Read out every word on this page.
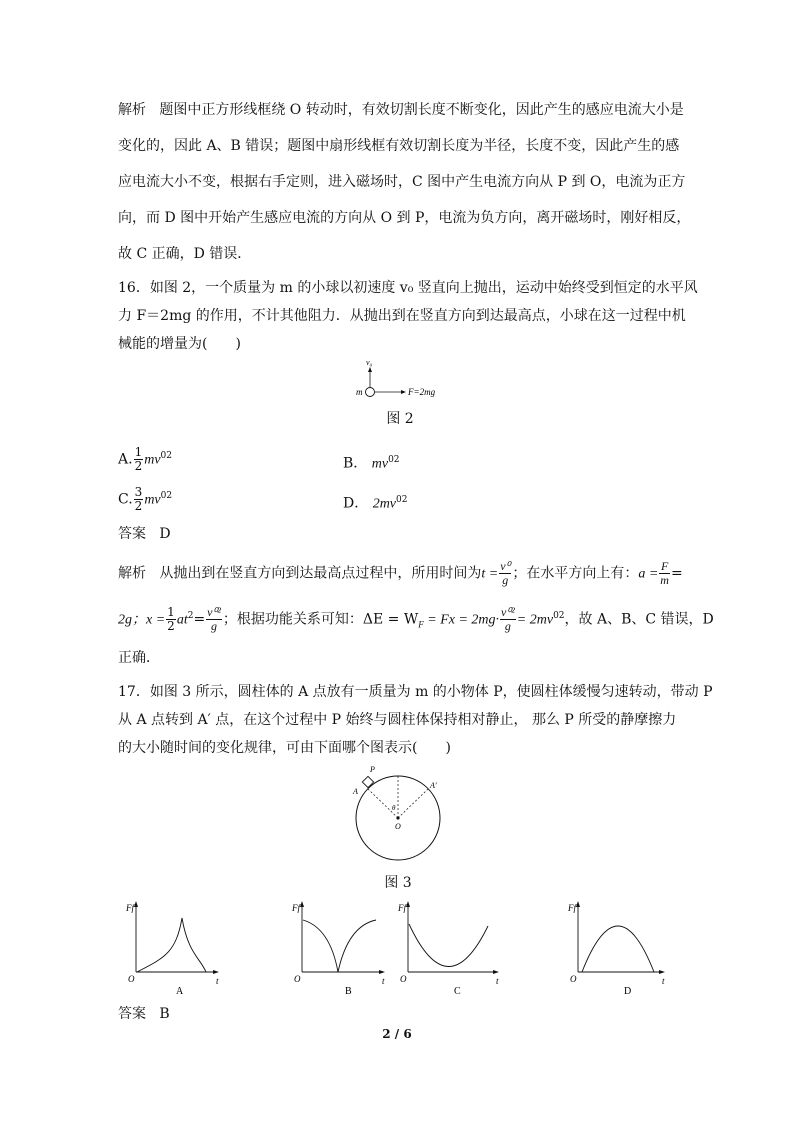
解析 题图中正方形线框绕 O 转动时，有效切割长度不断变化，因此产生的感应电流大小是
变化的，因此 A、B 错误；题图中扇形线框有效切割长度为半径，长度不变，因此产生的感
应电流大小不变，根据右手定则，进入磁场时，C 图中产生电流方向从 P 到 O，电流为正方
向，而 D 图中开始产生感应电流的方向从 O 到 P，电流为负方向，离开磁场时，刚好相反，
故 C 正确，D 错误．
16．如图 2，一个质量为 m 的小球以初速度 v₀ 竖直向上抛出，运动中始终受到恒定的水平风
力 F＝2mg 的作用，不计其他阻力．从抛出到在竖直方向到达最高点，小球在这一过程中机
械能的增量为(　　)
v₀
m	F=2mg
图 2
A. $\frac{1}{2} mv^{02}$	B． $mv^{02}$
C. $\frac{3}{2} mv^{02}$	D． $2mv^{02}$
答案 D
解析 从抛出到在竖直方向到达最高点过程中，所用时间为$t = \frac{\text{v⁰}}{g}$ ；在水平方向上有：$a = \frac{F}{m}$ =
2g；$x = \frac{1}{2} at^2= \frac{\text{v⁰²}}{g}$ ；根据功能关系可知：$\Delta E = W_F = Fx = 2mg\cdot \frac{\text{v⁰²}}{g} = 2mv^{02}$，故 A、B、C 错误，D
正确．
17．如图 3 所示，圆柱体的 A 点放有一质量为 m 的小物体 P，使圆柱体缓慢匀速转动，带动 P
从 A 点转到 A′ 点，在这个过程中 P 始终与圆柱体保持相对静止， 那么 P 所受的静摩擦力
的大小随时间的变化规律，可由下面哪个图表示(　　)
P
A
A′
θ
O
图 3
Ff
t
O
A
Ff
t
O
B
Ff
t
O
C
Ff
t
O
D
答案 B
2 / 6
